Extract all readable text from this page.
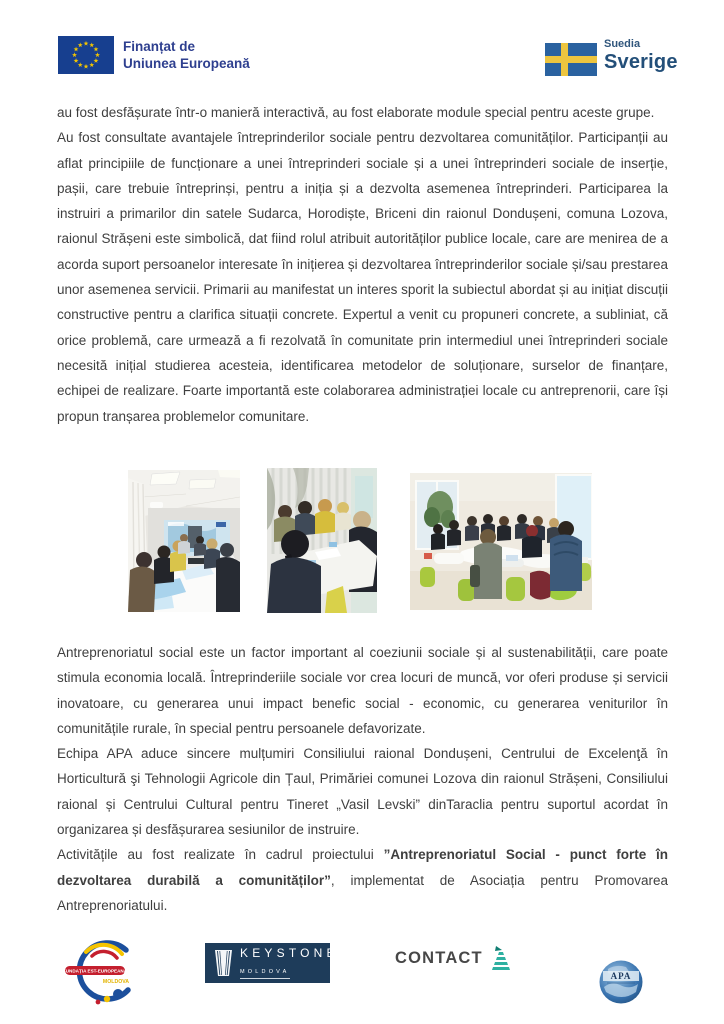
Finanțat de
Uniunea Europeană
Suedia
Sverige

au fost desfășurate într-o manieră interactivă, au fost elaborate module special pentru aceste grupe.

Au fost consultate avantajele întreprinderilor sociale pentru dezvoltarea comunităților. Participanții au aflat principiile de funcționare a unei întreprinderi sociale și a unei întreprinderi sociale de inserție, pașii, care trebuie întreprinși, pentru a iniția și a dezvolta asemenea întreprinderi. Participarea la instruiri a primarilor din satele Sudarca, Horodiște, Briceni din raionul Dondușeni, comuna Lozova, raionul Strășeni este simbolică, dat fiind rolul atribuit autorităților publice locale, care are menirea de a acorda suport persoanelor interesate în inițierea și dezvoltarea întreprinderilor sociale și/sau prestarea unor asemenea servicii. Primarii au manifestat un interes sporit la subiectul abordat și au inițiat discuții constructive pentru a clarifica situații concrete. Expertul a venit cu propuneri concrete, a subliniat, că orice problemă, care urmează a fi rezolvată în comunitate prin intermediul unei întreprinderi sociale necesită inițial studierea acesteia, identificarea metodelor de soluționare, surselor de finanțare, echipei de realizare. Foarte importantă este colaborarea administrației locale cu antreprenorii, care își propun tranșarea problemelor comunitare.

Antreprenoriatul social este un factor important al coeziunii sociale și al sustenabilității, care poate stimula economia locală. Întreprinderiile sociale vor crea locuri de muncă, vor oferi produse și servicii inovatoare, cu generarea unui impact benefic social - economic, cu generarea veniturilor în comunitățile rurale, în special pentru persoanele defavorizate.

Echipa APA aduce sincere mulțumiri Consiliului raional Dondușeni, Centrului de Excelenţă în Horticultură şi Tehnologii Agricole din Țaul, Primăriei comunei Lozova din raionul Strășeni, Consiliului raional și Centrului Cultural pentru Tineret „Vasil Levski” dinTaraclia pentru suportul acordat în organizarea și desfășurarea sesiunilor de instruire.

Activitățile au fost realizate în cadrul proiectului ”Antreprenoriatul Social - punct forte în dezvoltarea durabilă a comunităților”, implementat de Asociația pentru Promovarea Antreprenoriatului.

FUNDAȚIA EST-EUROPEANĂ
MOLDOVA
KEYSTONE
MOLDOVA
CONTACT
APA
